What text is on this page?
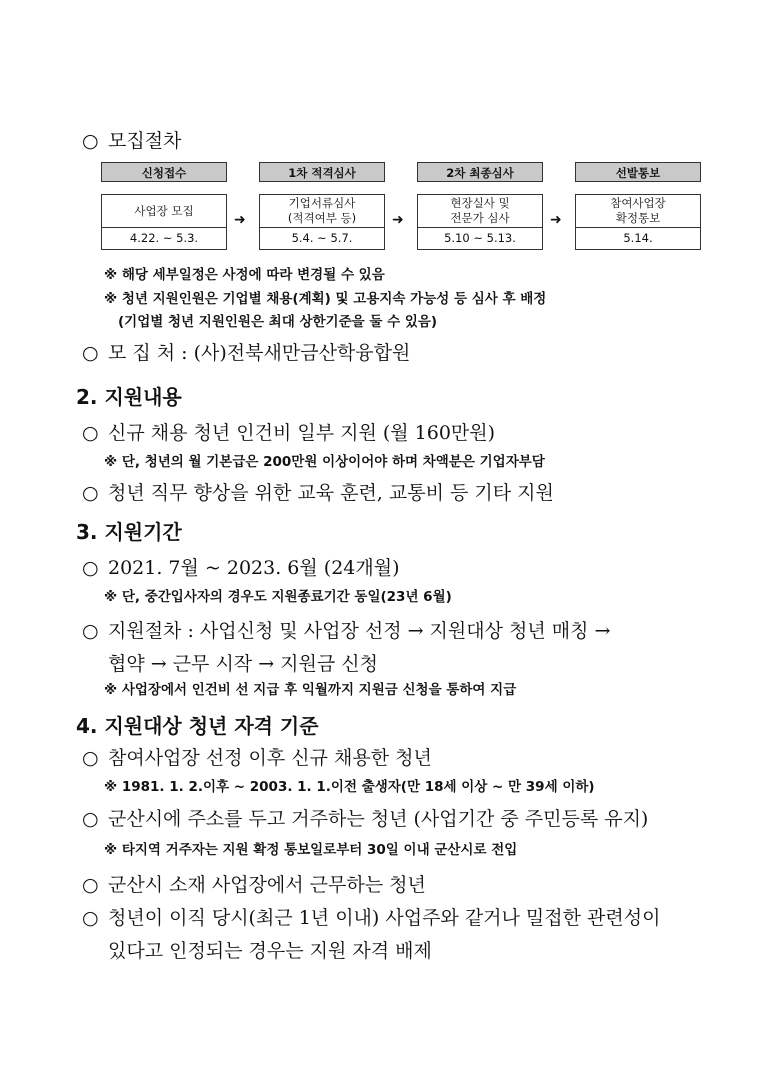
○ 모집절차
신청접수
사업장 모집
4.22. ~ 5.3.
➜
1차 적격심사
기업서류심사
(적격여부 등)
5.4. ~ 5.7.
➜
2차 최종심사
현장실사 및
전문가 심사
5.10 ~ 5.13.
➜
선발통보
참여사업장
확정통보
5.14.
※ 해당 세부일정은 사정에 따라 변경될 수 있음
※ 청년 지원인원은 기업별 채용(계획) 및 고용지속 가능성 등 심사 후 배정
(기업별 청년 지원인원은 최대 상한기준을 둘 수 있음)
○ 모 집 처 : (사)전북새만금산학융합원
2. 지원내용
○ 신규 채용 청년 인건비 일부 지원 (월 160만원)
※ 단, 청년의 월 기본급은 200만원 이상이어야 하며 차액분은 기업자부담
○ 청년 직무 향상을 위한 교육 훈련, 교통비 등 기타 지원
3. 지원기간
○ 2021. 7월 ~ 2023. 6월 (24개월)
※ 단, 중간입사자의 경우도 지원종료기간 동일(23년 6월)
○ 지원절차 : 사업신청 및 사업장 선정 → 지원대상 청년 매칭 →
협약 → 근무 시작 → 지원금 신청
※ 사업장에서 인건비 선 지급 후 익월까지 지원금 신청을 통하여 지급
4. 지원대상 청년 자격 기준
○ 참여사업장 선정 이후 신규 채용한 청년
※ 1981. 1. 2.이후 ~ 2003. 1. 1.이전 출생자(만 18세 이상 ~ 만 39세 이하)
○ 군산시에 주소를 두고 거주하는 청년 (사업기간 중 주민등록 유지)
※ 타지역 거주자는 지원 확정 통보일로부터 30일 이내 군산시로 전입
○ 군산시 소재 사업장에서 근무하는 청년
○ 청년이 이직 당시(최근 1년 이내) 사업주와 같거나 밀접한 관련성이
있다고 인정되는 경우는 지원 자격 배제
